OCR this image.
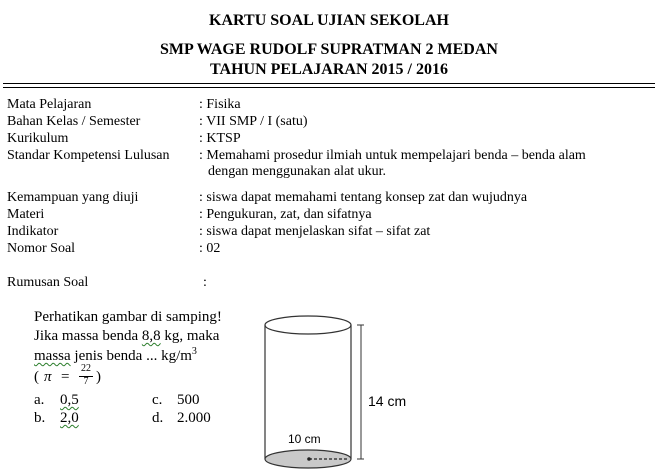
KARTU SOAL UJIAN SEKOLAH
SMP WAGE RUDOLF SUPRATMAN 2 MEDAN
TAHUN PELAJARAN 2015 / 2016
Mata Pelajaran	: Fisika
Bahan Kelas / Semester	: VII SMP / I (satu)
Kurikulum	: KTSP
Standar Kompetensi Lulusan : Memahami prosedur ilmiah untuk mempelajari benda – benda alam
dengan menggunakan alat ukur.
Kemampuan yang diuji	: siswa dapat memahami tentang konsep zat dan wujudnya
Materi	: Pengukuran, zat, dan sifatnya
Indikator	: siswa dapat menjelaskan sifat – sifat zat
Nomor Soal	: 02
Rumusan Soal	:
Perhatikan gambar di samping!
Jika massa benda 8,8 kg, maka
massa jenis benda ... $kg/m^3$
( π =
22
7 )
a. 0,5
b. 2,0
c. 500
d. 2.000
14 cm
10 cm
